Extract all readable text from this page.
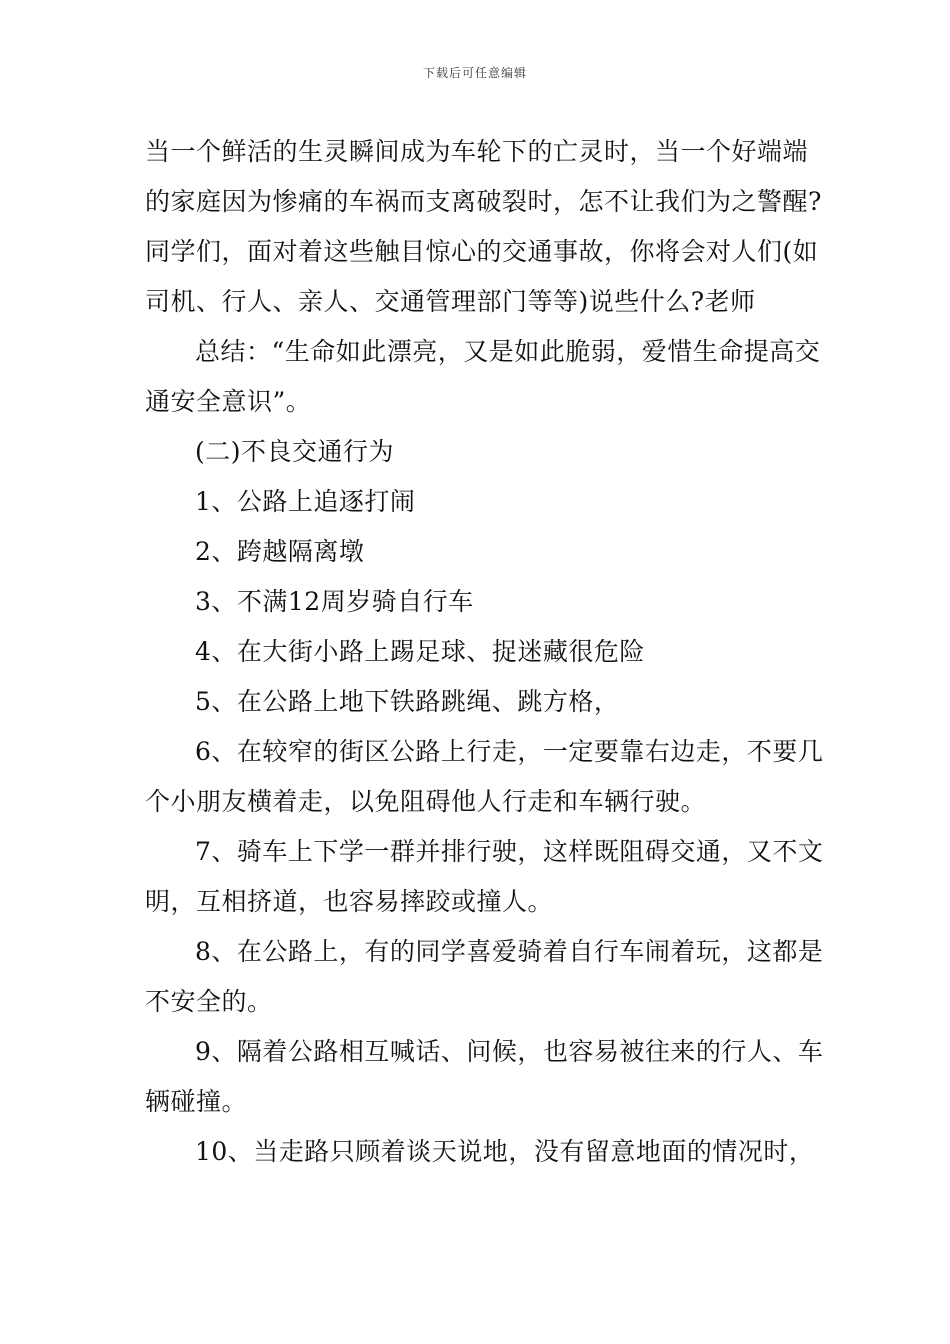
下载后可任意编辑

当一个鲜活的生灵瞬间成为车轮下的亡灵时，当一个好端端的家庭因为惨痛的车祸而支离破裂时，怎不让我们为之警醒?同学们，面对着这些触目惊心的交通事故，你将会对人们(如司机、行人、亲人、交通管理部门等等)说些什么?老师

总结：“生命如此漂亮，又是如此脆弱，爱惜生命提高交通安全意识”。

(二)不良交通行为

1、公路上追逐打闹

2、跨越隔离墩

3、不满12周岁骑自行车

4、在大街小路上踢足球、捉迷藏很危险

5、在公路上地下铁路跳绳、跳方格，

6、在较窄的街区公路上行走，一定要靠右边走，不要几个小朋友横着走，以免阻碍他人行走和车辆行驶。

7、骑车上下学一群并排行驶，这样既阻碍交通，又不文明，互相挤道，也容易摔跤或撞人。

8、在公路上，有的同学喜爱骑着自行车闹着玩，这都是不安全的。

9、隔着公路相互喊话、问候，也容易被往来的行人、车辆碰撞。

10、当走路只顾着谈天说地，没有留意地面的情况时，
